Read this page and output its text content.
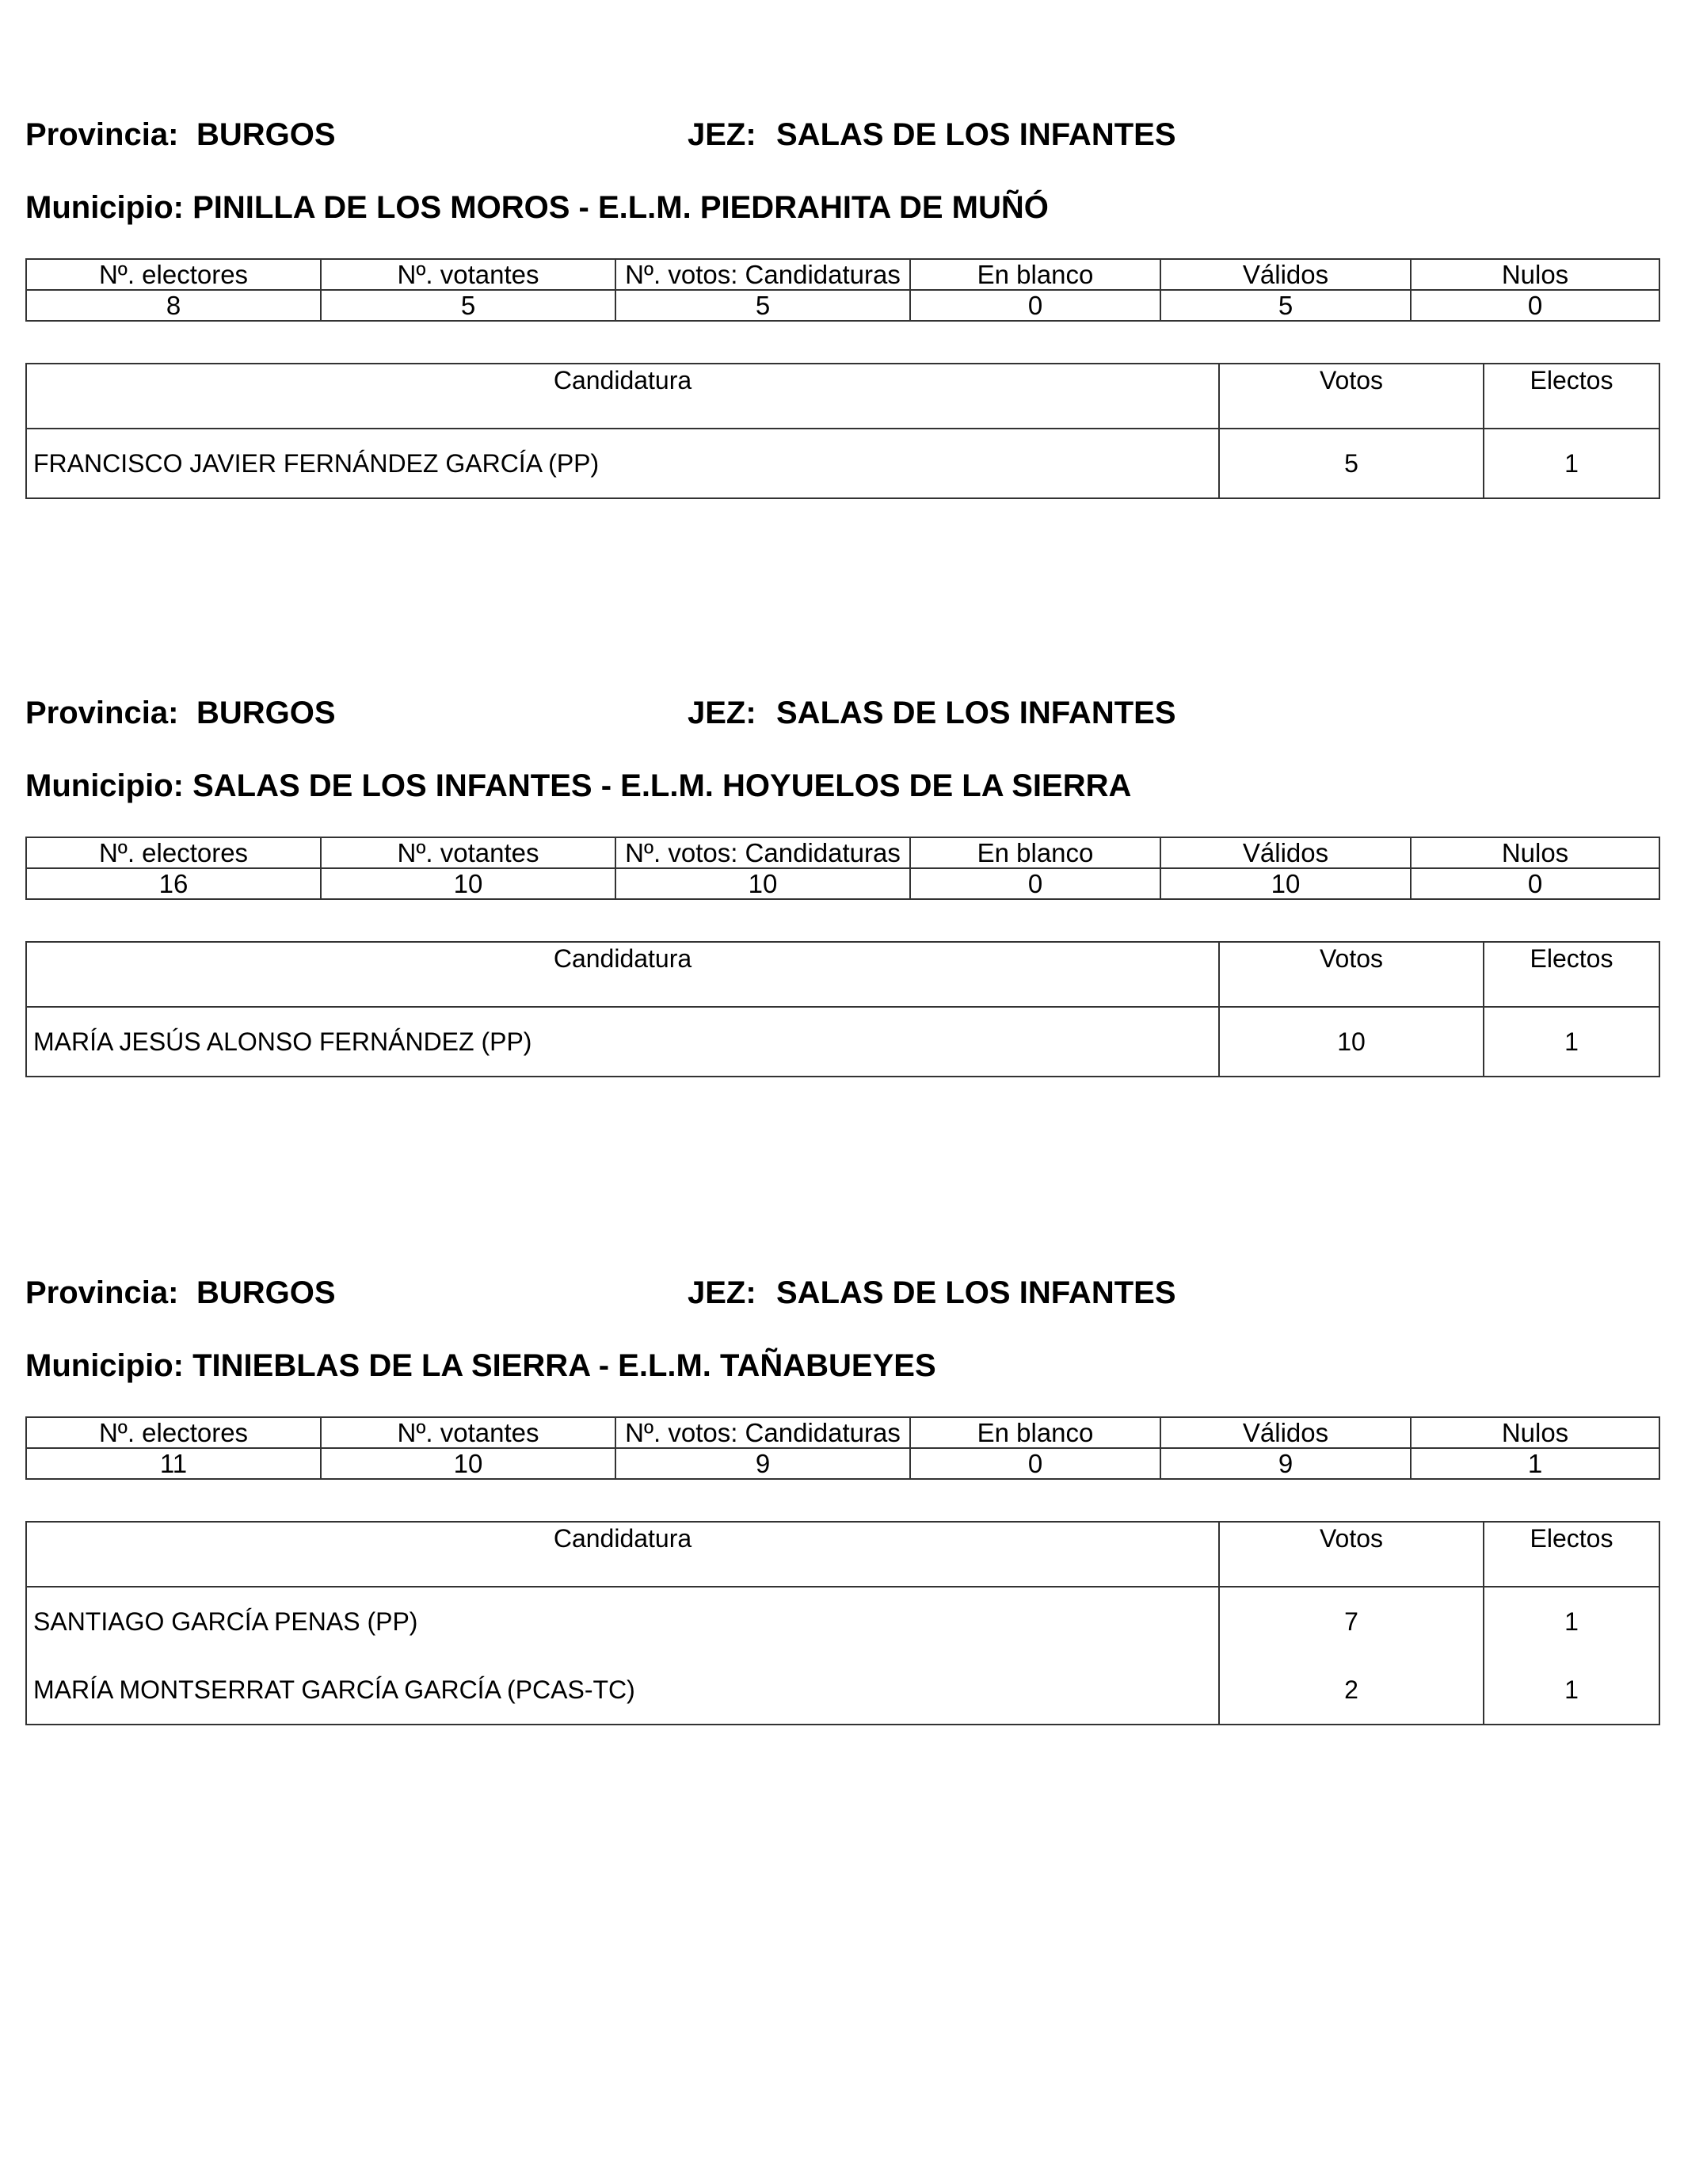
Provincia: BURGOS	JEZ: SALAS DE LOS INFANTES
Municipio: PINILLA DE LOS MOROS - E.L.M. PIEDRAHITA DE MUÑÓ
Nº. electores	Nº. votantes	Nº. votos: Candidaturas	En blanco	Válidos	Nulos
8	5	5	0	5	0
Candidatura	Votos	Electos
FRANCISCO JAVIER FERNÁNDEZ GARCÍA (PP)	5	1
Provincia: BURGOS	JEZ: SALAS DE LOS INFANTES
Municipio: SALAS DE LOS INFANTES - E.L.M. HOYUELOS DE LA SIERRA
Nº. electores	Nº. votantes	Nº. votos: Candidaturas	En blanco	Válidos	Nulos
16	10	10	0	10	0
Candidatura	Votos	Electos
MARÍA JESÚS ALONSO FERNÁNDEZ (PP)	10	1
Provincia: BURGOS	JEZ: SALAS DE LOS INFANTES
Municipio: TINIEBLAS DE LA SIERRA - E.L.M. TAÑABUEYES
Nº. electores	Nº. votantes	Nº. votos: Candidaturas	En blanco	Válidos	Nulos
11	10	9	0	9	1
Candidatura	Votos	Electos
SANTIAGO GARCÍA PENAS (PP)	7	1
MARÍA MONTSERRAT GARCÍA GARCÍA (PCAS-TC)	2	1
